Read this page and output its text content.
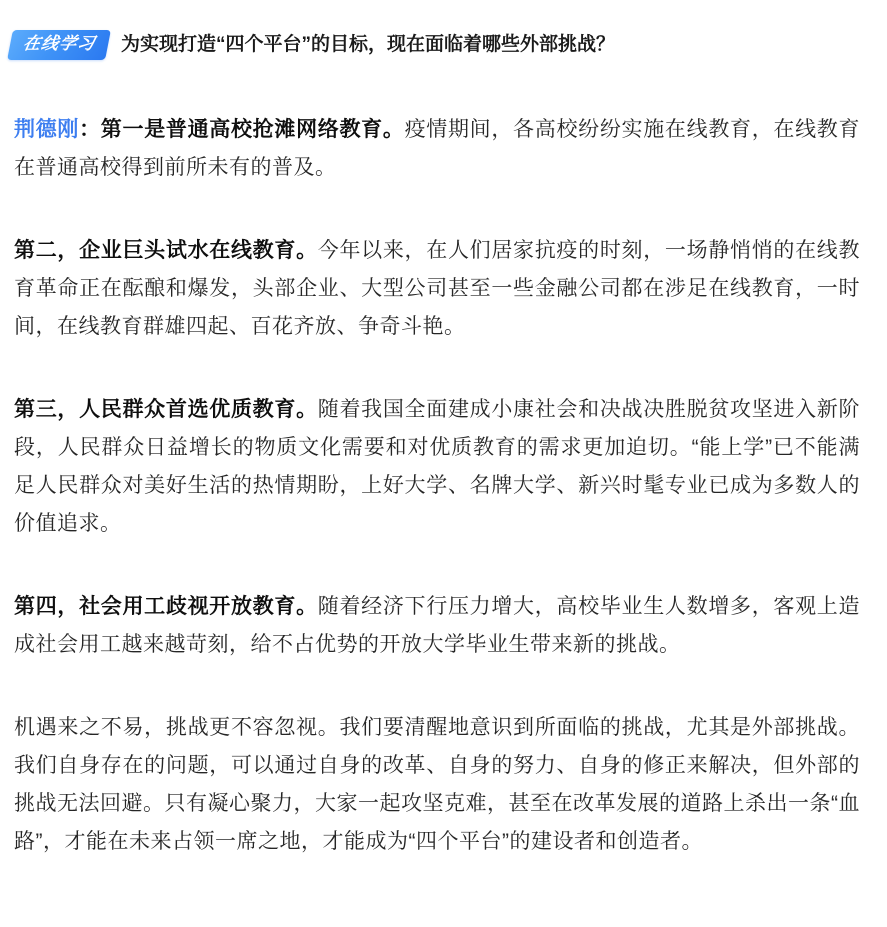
在线学习	为实现打造“四个平台”的目标，现在面临着哪些外部挑战？

荆德刚：第一是普通高校抢滩网络教育。疫情期间，各高校纷纷实施在线教育，在线教育在普通高校得到前所未有的普及。

第二，企业巨头试水在线教育。今年以来，在人们居家抗疫的时刻，一场静悄悄的在线教育革命正在酝酿和爆发，头部企业、大型公司甚至一些金融公司都在涉足在线教育，一时间，在线教育群雄四起、百花齐放、争奇斗艳。

第三，人民群众首选优质教育。随着我国全面建成小康社会和决战决胜脱贫攻坚进入新阶段，人民群众日益增长的物质文化需要和对优质教育的需求更加迫切。“能上学”已不能满足人民群众对美好生活的热情期盼，上好大学、名牌大学、新兴时髦专业已成为多数人的价值追求。

第四，社会用工歧视开放教育。随着经济下行压力增大，高校毕业生人数增多，客观上造成社会用工越来越苛刻，给不占优势的开放大学毕业生带来新的挑战。

机遇来之不易，挑战更不容忽视。我们要清醒地意识到所面临的挑战，尤其是外部挑战。我们自身存在的问题，可以通过自身的改革、自身的努力、自身的修正来解决，但外部的挑战无法回避。只有凝心聚力，大家一起攻坚克难，甚至在改革发展的道路上杀出一条“血路”，才能在未来占领一席之地，才能成为“四个平台”的建设者和创造者。
